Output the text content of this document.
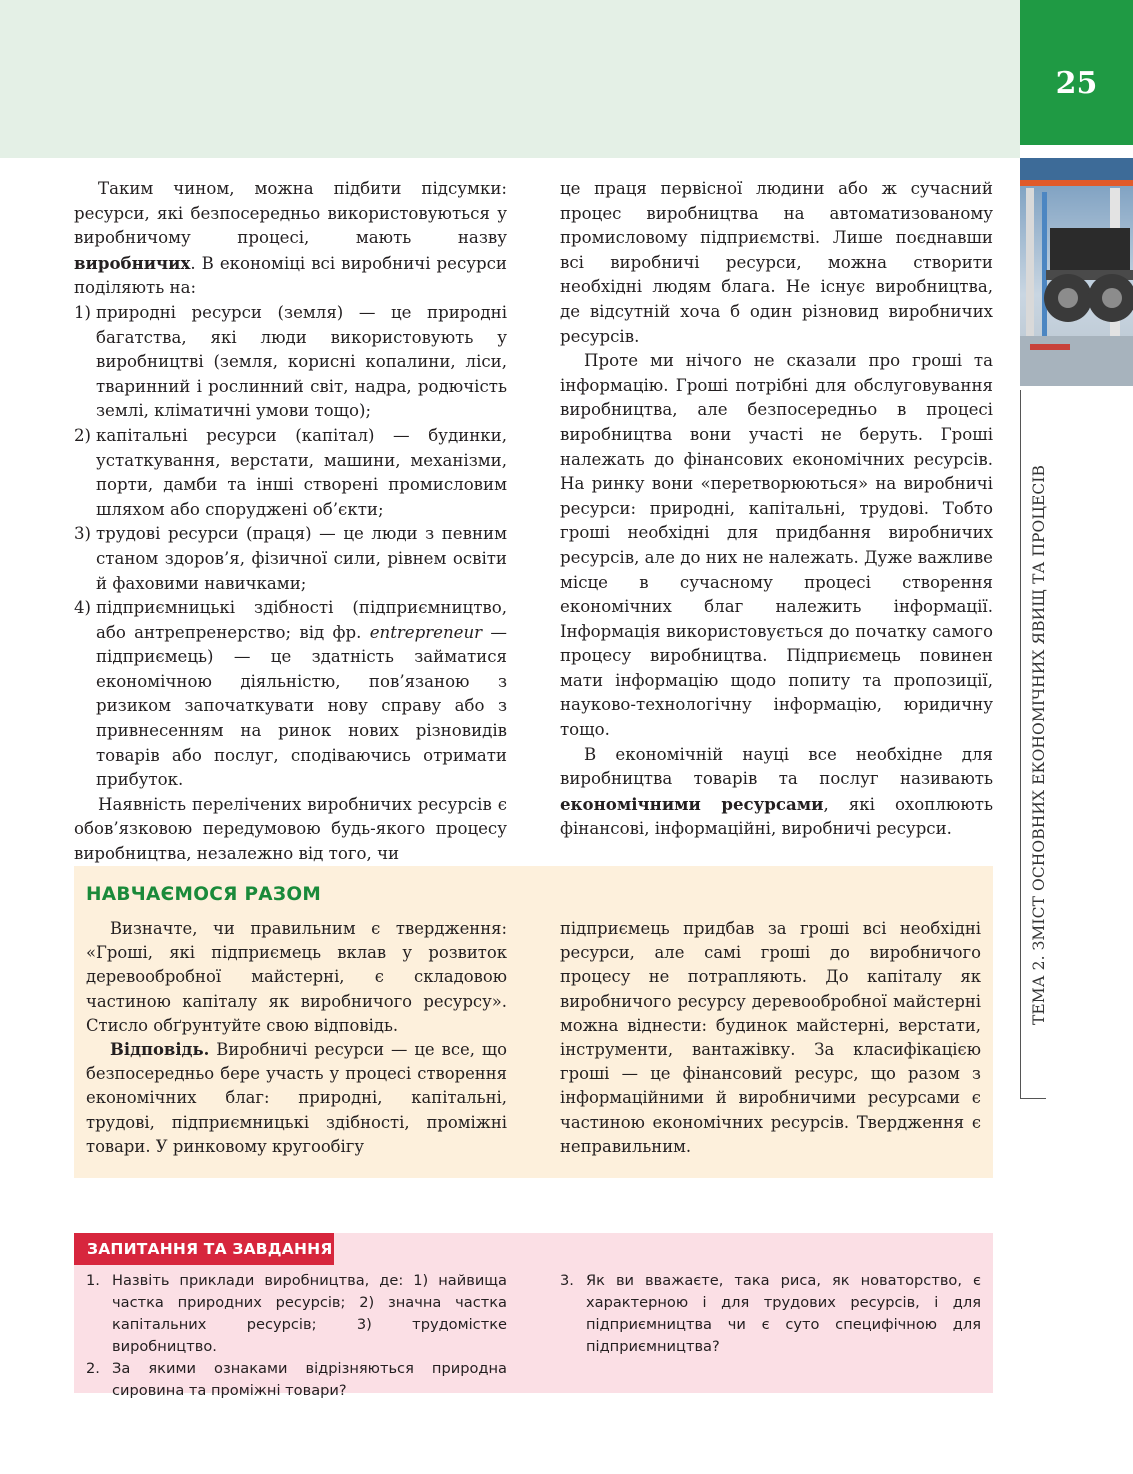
25
ТЕМА 2. ЗМІСТ ОСНОВНИХ ЕКОНОМІЧНИХ ЯВИЩ ТА ПРОЦЕСІВ

Таким чином, можна підбити підсумки: ресурси, які безпосередньо використовуються у виробничому процесі, мають назву виробничих. В економіці всі виробничі ресурси поділяють на:

1) природні ресурси (земля) — це природні багатства, які люди використовують у виробництві (земля, корисні копалини, ліси, тваринний і рослинний світ, надра, родючість землі, кліматичні умови тощо);
2) капітальні ресурси (капітал) — будинки, устаткування, верстати, машини, механізми, порти, дамби та інші створені промисловим шляхом або споруджені об’єкти;
3) трудові ресурси (праця) — це люди з певним станом здоров’я, фізичної сили, рівнем освіти й фаховими навичками;
4) підприємницькі здібності (підприємництво, або антрепренерство; від фр. entrepreneur — підприємець) — це здатність займатися економічною діяльністю, пов’язаною з ризиком започаткувати нову справу або з привнесенням на ринок нових різновидів товарів або послуг, сподіваючись отримати прибуток.

Наявність перелічених виробничих ресурсів є обов’язковою передумовою будь-якого процесу виробництва, незалежно від того, чи

це праця первісної людини або ж сучасний процес виробництва на автоматизованому промисловому підприємстві. Лише поєднавши всі виробничі ресурси, можна створити необхідні людям блага. Не існує виробництва, де відсутній хоча б один різновид виробничих ресурсів.

Проте ми нічого не сказали про гроші та інформацію. Гроші потрібні для обслуговування виробництва, але безпосередньо в процесі виробництва вони участі не беруть. Гроші належать до фінансових економічних ресурсів. На ринку вони «перетворюються» на виробничі ресурси: природні, капітальні, трудові. Тобто гроші необхідні для придбання виробничих ресурсів, але до них не належать. Дуже важливе місце в сучасному процесі створення економічних благ належить інформації. Інформація використовується до початку самого процесу виробництва. Підприємець повинен мати інформацію щодо попиту та пропозиції, науково-технологічну інформацію, юридичну тощо.

В економічній науці все необхідне для виробництва товарів та послуг називають економічними ресурсами, які охоплюють фінансові, інформаційні, виробничі ресурси.

НАВЧАЄМОСЯ РАЗОМ

Визначте, чи правильним є твердження: «Гроші, які підприємець вклав у розвиток деревообробної майстерні, є складовою частиною капіталу як виробничого ресурсу». Стисло обґрунтуйте свою відповідь.

Відповідь. Виробничі ресурси — це все, що безпосередньо бере участь у процесі створення економічних благ: природні, капітальні, трудові, підприємницькі здібності, проміжні товари. У ринковому кругообігу

підприємець придбав за гроші всі необхідні ресурси, але самі гроші до виробничого процесу не потрапляють. До капіталу як виробничого ресурсу деревообробної майстерні можна віднести: будинок майстерні, верстати, інструменти, вантажівку. За класифікацією гроші — це фінансовий ресурс, що разом з інформаційними й виробничими ресурсами є частиною економічних ресурсів. Твердження є неправильним.

ЗАПИТАННЯ ТА ЗАВДАННЯ
1. Назвіть приклади виробництва, де: 1) найвища частка природних ресурсів; 2) значна частка капітальних ресурсів; 3) трудомістке виробництво.
2. За якими ознаками відрізняються природна сировина та проміжні товари?
3. Як ви вважаєте, така риса, як новаторство, є характерною і для трудових ресурсів, і для підприємництва чи є суто специфічною для підприємництва?
